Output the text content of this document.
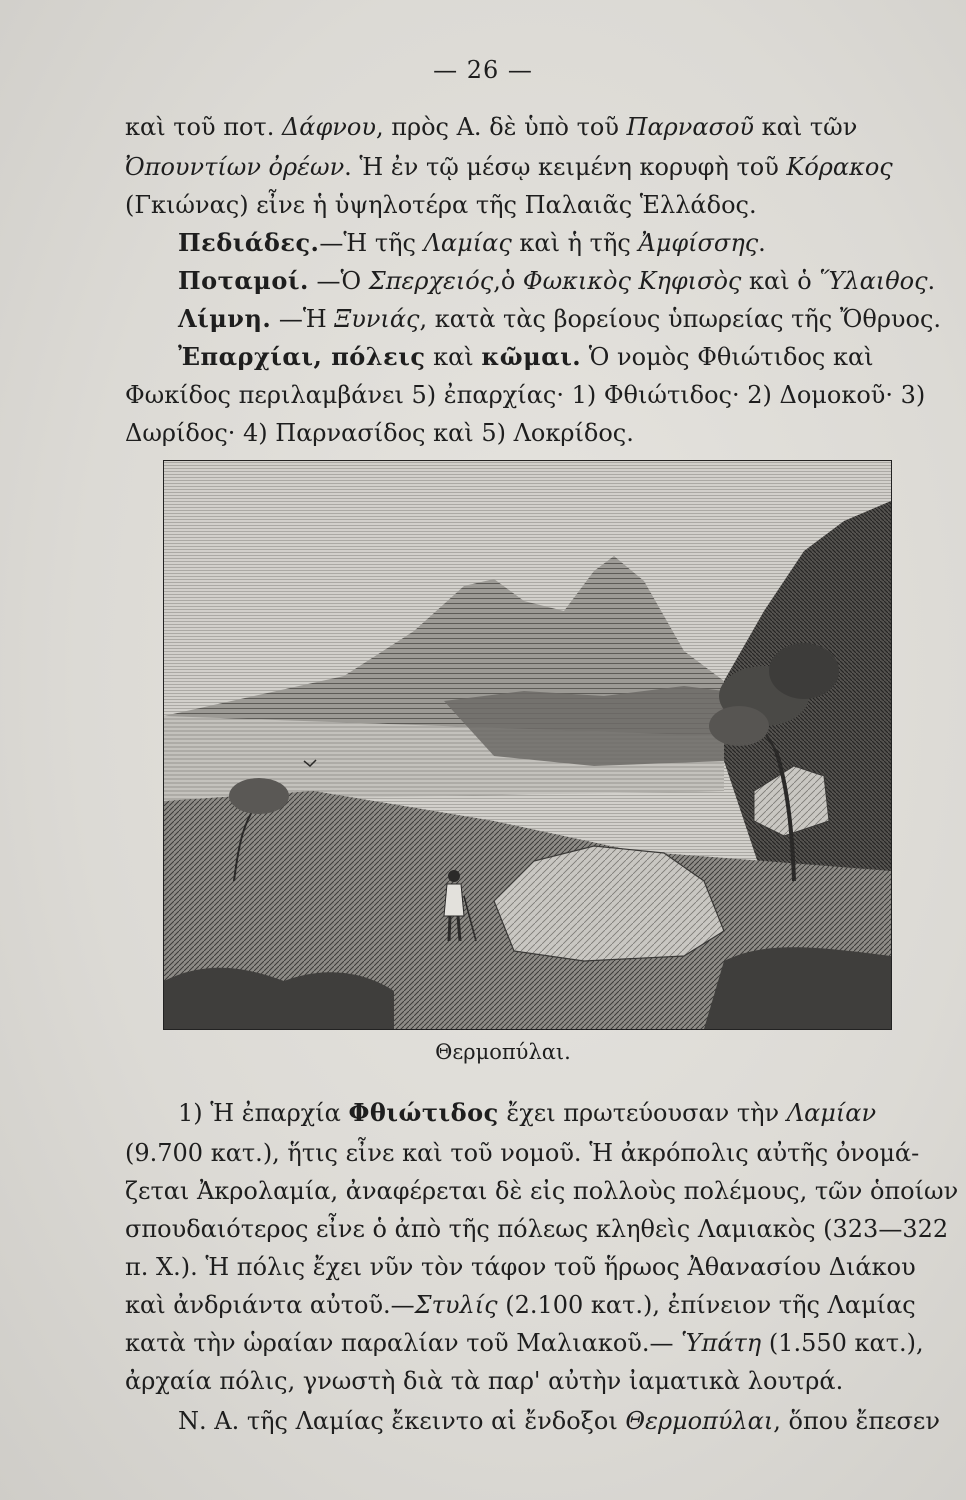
— 26 —
καὶ τοῦ ποτ. Δάφνου, πρὸς Α. δὲ ὑπὸ τοῦ Παρνασοῦ καὶ τῶν
Ὀπουντίων ὀρέων. Ἡ ἐν τῷ μέσῳ κειμένη κορυφὴ τοῦ Κόρακος
(Γκιώνας) εἶνε ἡ ὑψηλοτέρα τῆς Παλαιᾶς Ἑλλάδος.
Πεδιάδες.—Ἡ τῆς Λαμίας καὶ ἡ τῆς Ἀμφίσσης.
Ποταμοί. —Ὁ Σπερχειός,ὁ Φωκικὸς Κηφισὸς καὶ ὁ Ὕλαιθος.
Λίμνη. —Ἡ Ξυνιάς, κατὰ τὰς βορείους ὑπωρείας τῆς Ὄθρυος.
Ἐπαρχίαι, πόλεις καὶ κῶμαι. Ὁ νομὸς Φθιώτιδος καὶ
Φωκίδος περιλαμβάνει 5) ἐπαρχίας· 1) Φθιώτιδος· 2) Δομοκοῦ· 3)
Δωρίδος· 4) Παρνασίδος καὶ 5) Λοκρίδος.
Θερμοπύλαι.
1) Ἡ ἐπαρχία Φθιώτιδος ἔχει πρωτεύουσαν τὴν Λαμίαν
(9.700 κατ.), ἥτις εἶνε καὶ τοῦ νομοῦ. Ἡ ἀκρόπολις αὐτῆς ὀνομά-
ζεται Ἀκρολαμία, ἀναφέρεται δὲ εἰς πολλοὺς πολέμους, τῶν ὁποίων
σπουδαιότερος εἶνε ὁ ἀπὸ τῆς πόλεως κληθεὶς Λαμιακὸς (323—322
π. Χ.). Ἡ πόλις ἔχει νῦν τὸν τάφον τοῦ ἥρωος Ἀθανασίου Διάκου
καὶ ἀνδριάντα αὐτοῦ.—Στυλίς (2.100 κατ.), ἐπίνειον τῆς Λαμίας
κατὰ τὴν ὡραίαν παραλίαν τοῦ Μαλιακοῦ.— Ὑπάτη (1.550 κατ.),
ἀρχαία πόλις, γνωστὴ διὰ τὰ παρ' αὐτὴν ἰαματικὰ λουτρά.
Ν. Α. τῆς Λαμίας ἔκειντο αἱ ἔνδοξοι Θερμοπύλαι, ὅπου ἔπεσεν
